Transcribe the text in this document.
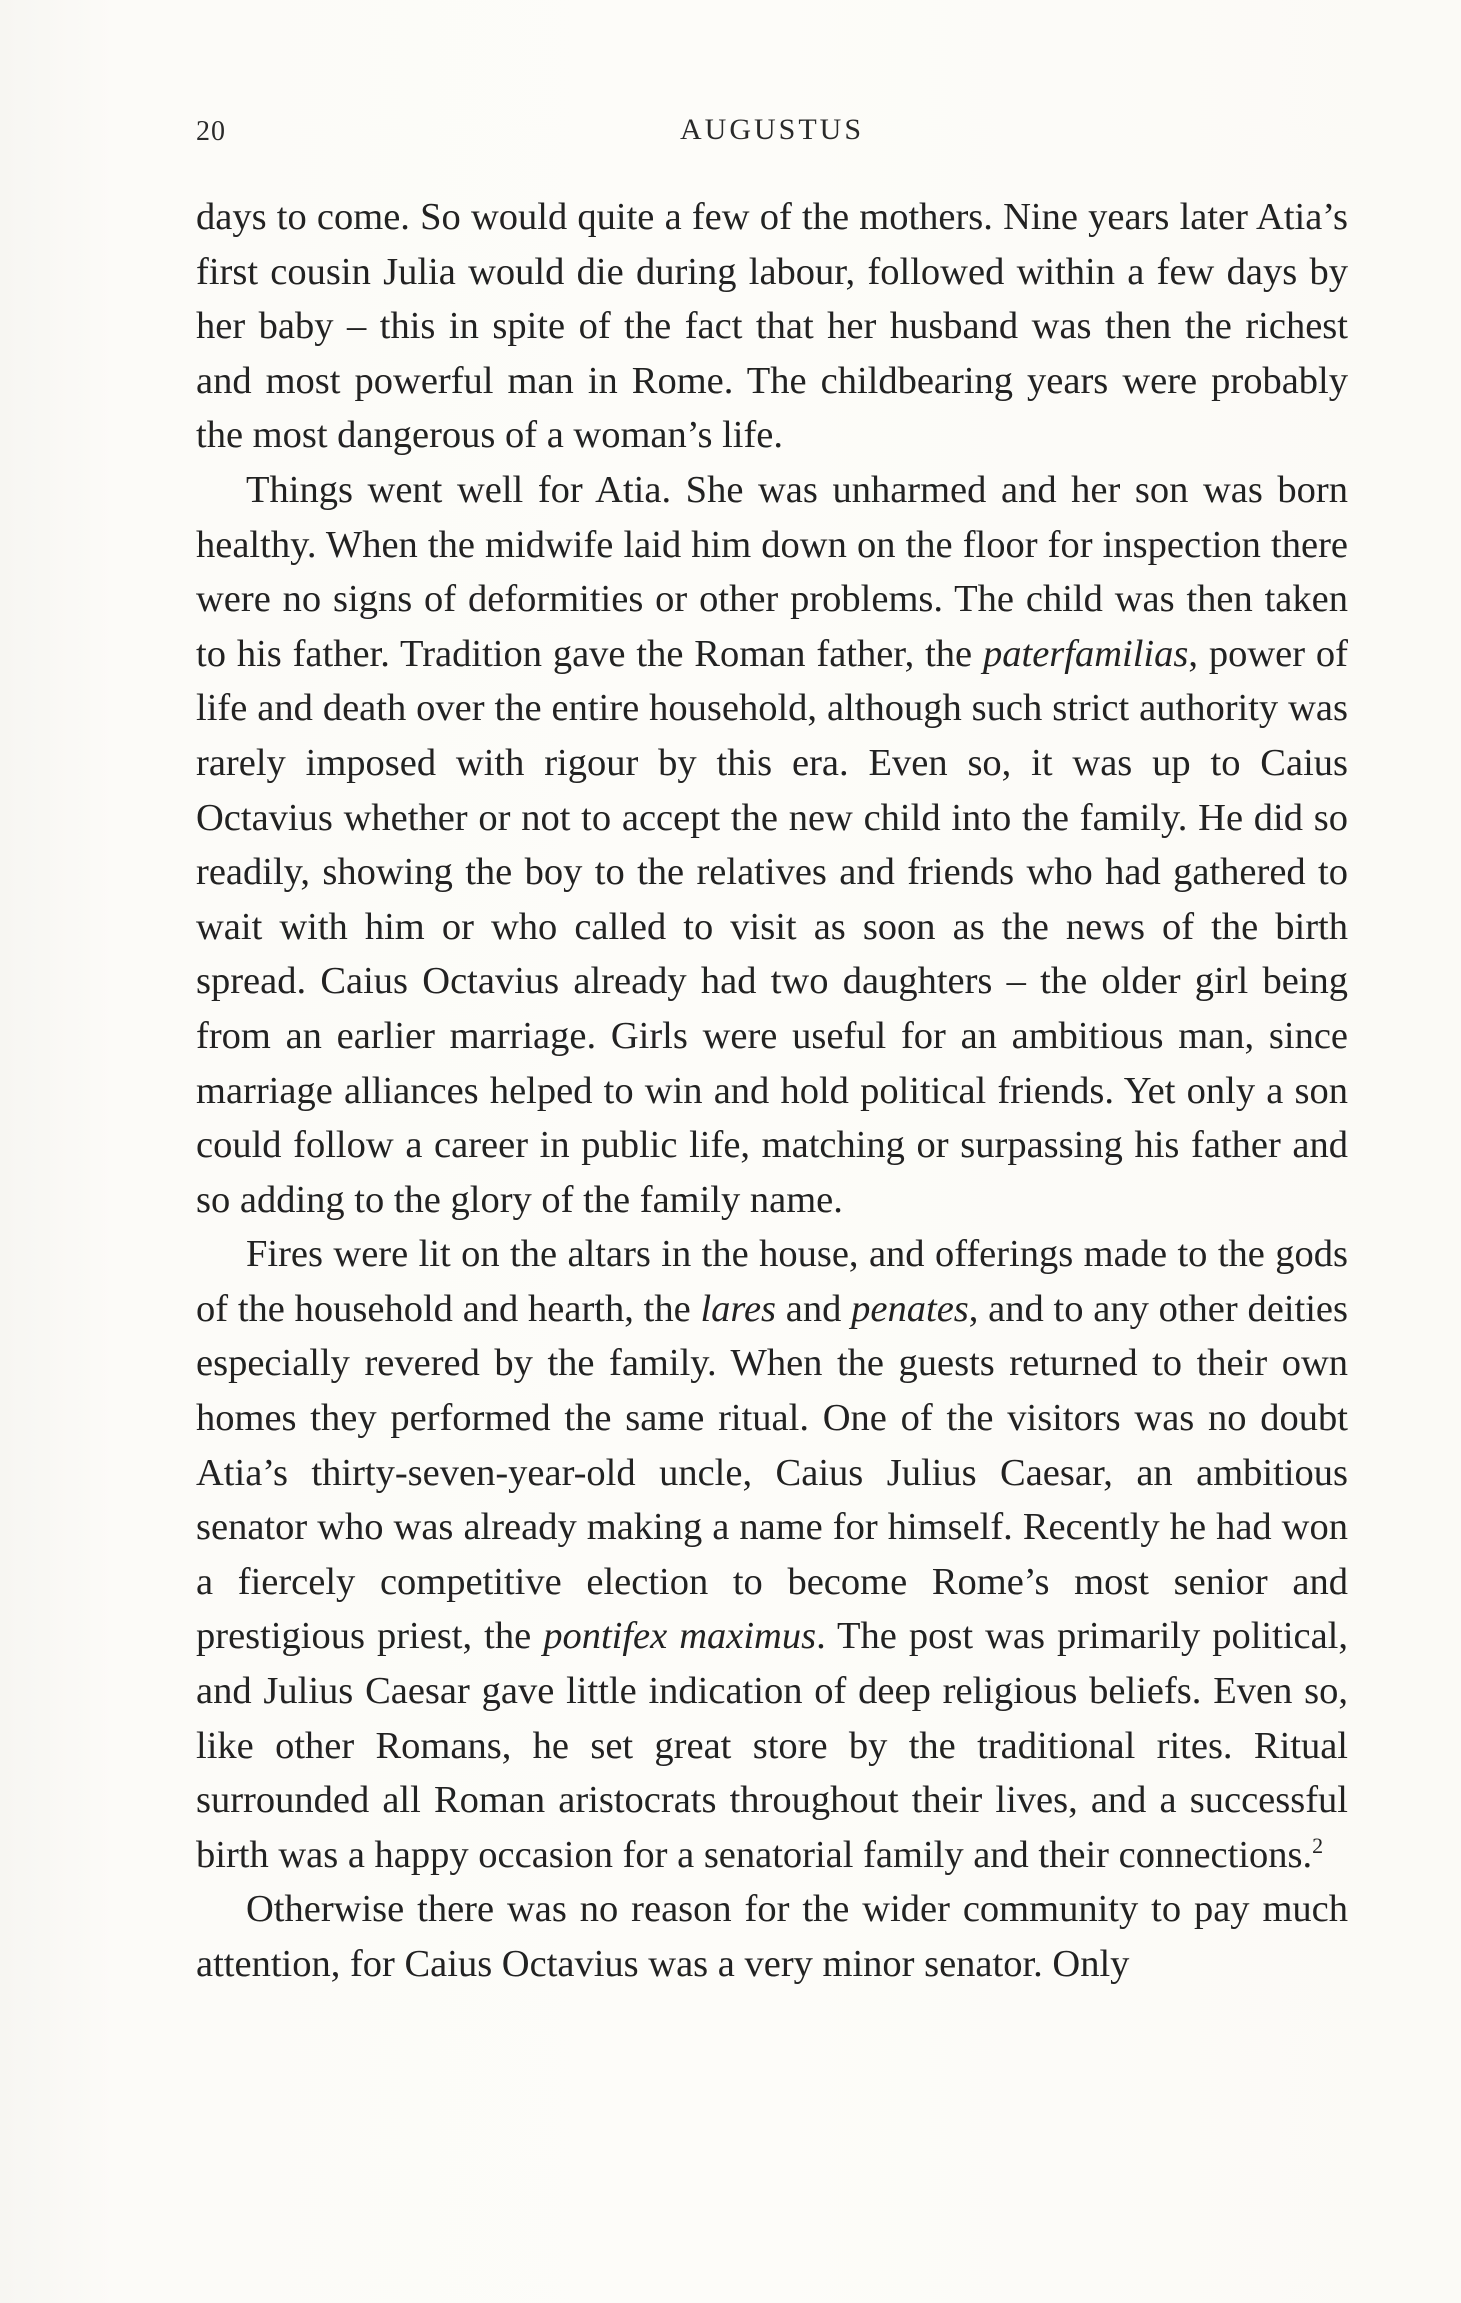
20	AUGUSTUS

days to come. So would quite a few of the mothers. Nine years later Atia’s first cousin Julia would die during labour, followed within a few days by her baby – this in spite of the fact that her husband was then the richest and most powerful man in Rome. The childbearing years were probably the most dangerous of a woman’s life.

Things went well for Atia. She was unharmed and her son was born healthy. When the midwife laid him down on the floor for inspection there were no signs of deformities or other problems. The child was then taken to his father. Tradition gave the Roman father, the paterfamilias, power of life and death over the entire household, although such strict authority was rarely imposed with rigour by this era. Even so, it was up to Caius Octavius whether or not to accept the new child into the family. He did so readily, showing the boy to the relatives and friends who had gathered to wait with him or who called to visit as soon as the news of the birth spread. Caius Octavius already had two daughters – the older girl being from an earlier marriage. Girls were useful for an ambitious man, since marriage alliances helped to win and hold political friends. Yet only a son could follow a career in public life, matching or surpassing his father and so adding to the glory of the family name.

Fires were lit on the altars in the house, and offerings made to the gods of the household and hearth, the lares and penates, and to any other deities especially revered by the family. When the guests returned to their own homes they performed the same ritual. One of the visitors was no doubt Atia’s thirty-seven-year-old uncle, Caius Julius Caesar, an ambitious senator who was already making a name for himself. Recently he had won a fiercely competitive election to become Rome’s most senior and prestigious priest, the pontifex maximus. The post was primarily political, and Julius Caesar gave little indication of deep religious beliefs. Even so, like other Romans, he set great store by the traditional rites. Ritual surrounded all Roman aristocrats throughout their lives, and a successful birth was a happy occasion for a senatorial family and their connections.$^2$

Otherwise there was no reason for the wider community to pay much attention, for Caius Octavius was a very minor senator. Only
